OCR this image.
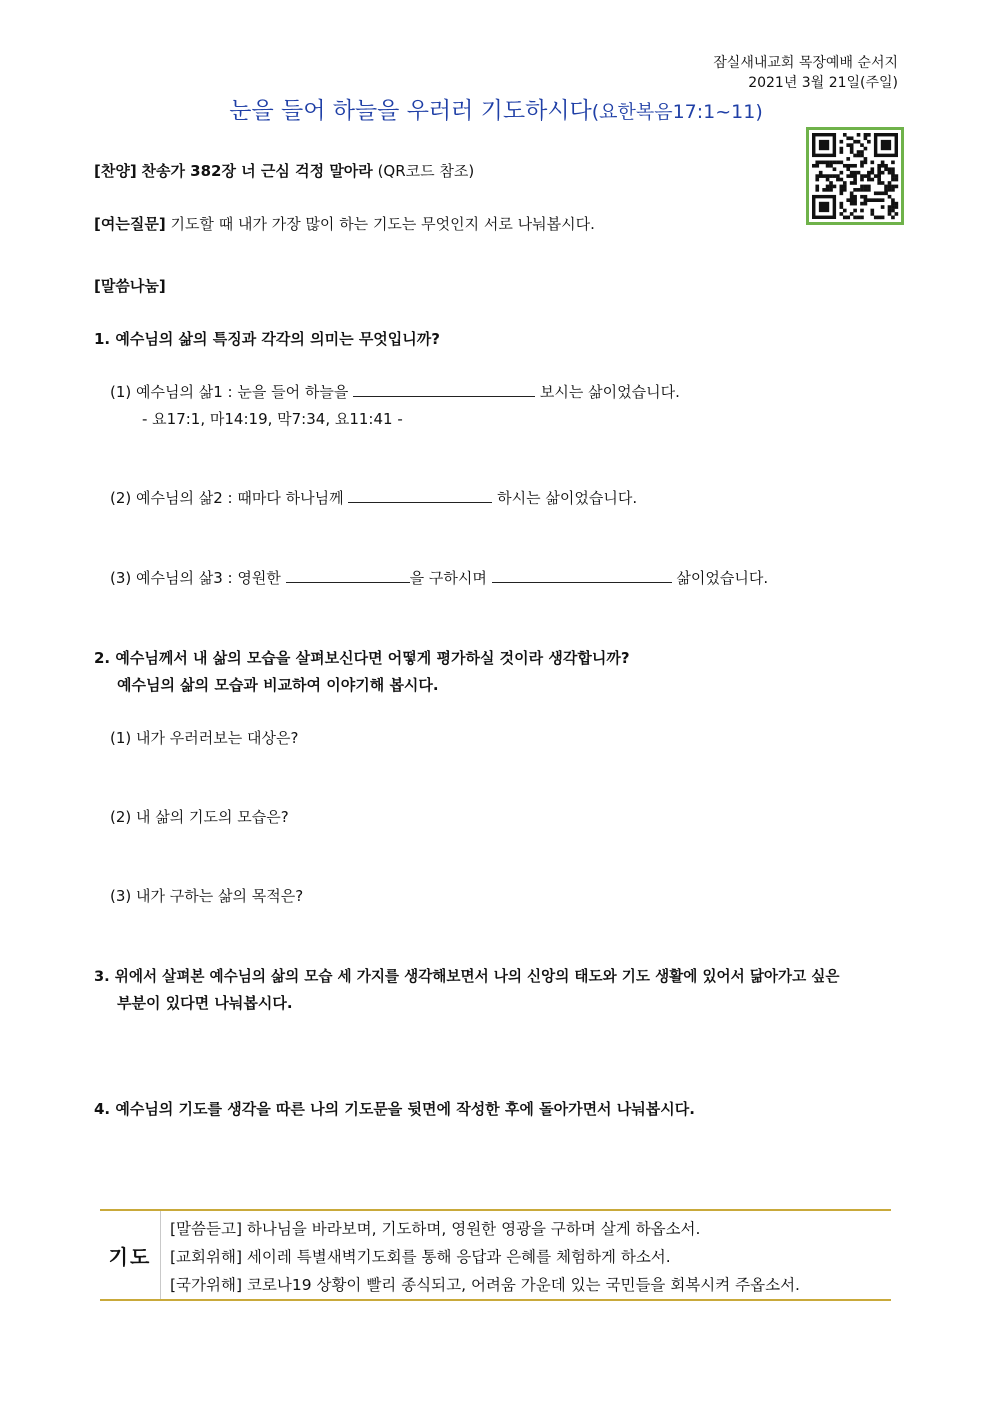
잠실새내교회 목장예배 순서지
2021년 3월 21일(주일)
눈을 들어 하늘을 우러러 기도하시다(요한복음17:1~11)
[찬양] 찬송가 382장 너 근심 걱정 말아라 (QR코드 참조)
[여는질문] 기도할 때 내가 가장 많이 하는 기도는 무엇인지 서로 나눠봅시다.
[말씀나눔]
1. 예수님의 삶의 특징과 각각의 의미는 무엇입니까?
(1) 예수님의 삶1 : 눈을 들어 하늘을	보시는 삶이었습니다.
- 요17:1, 마14:19, 막7:34, 요11:41 -
(2) 예수님의 삶2 : 때마다 하나님께	하시는 삶이었습니다.
(3) 예수님의 삶3 : 영원한	을 구하시며	삶이었습니다.
2. 예수님께서 내 삶의 모습을 살펴보신다면 어떻게 평가하실 것이라 생각합니까?
예수님의 삶의 모습과 비교하여 이야기해 봅시다.
(1) 내가 우러러보는 대상은?
(2) 내 삶의 기도의 모습은?
(3) 내가 구하는 삶의 목적은?
3. 위에서 살펴본 예수님의 삶의 모습 세 가지를 생각해보면서 나의 신앙의 태도와 기도 생활에 있어서 닮아가고 싶은
부분이 있다면 나눠봅시다.
4. 예수님의 기도를 생각을 따른 나의 기도문을 뒷면에 작성한 후에 돌아가면서 나눠봅시다.
기도
[말씀듣고] 하나님을 바라보며, 기도하며, 영원한 영광을 구하며 살게 하옵소서.
[교회위해] 세이레 특별새벽기도회를 통해 응답과 은혜를 체험하게 하소서.
[국가위해] 코로나19 상황이 빨리 종식되고, 어려움 가운데 있는 국민들을 회복시켜 주옵소서.
